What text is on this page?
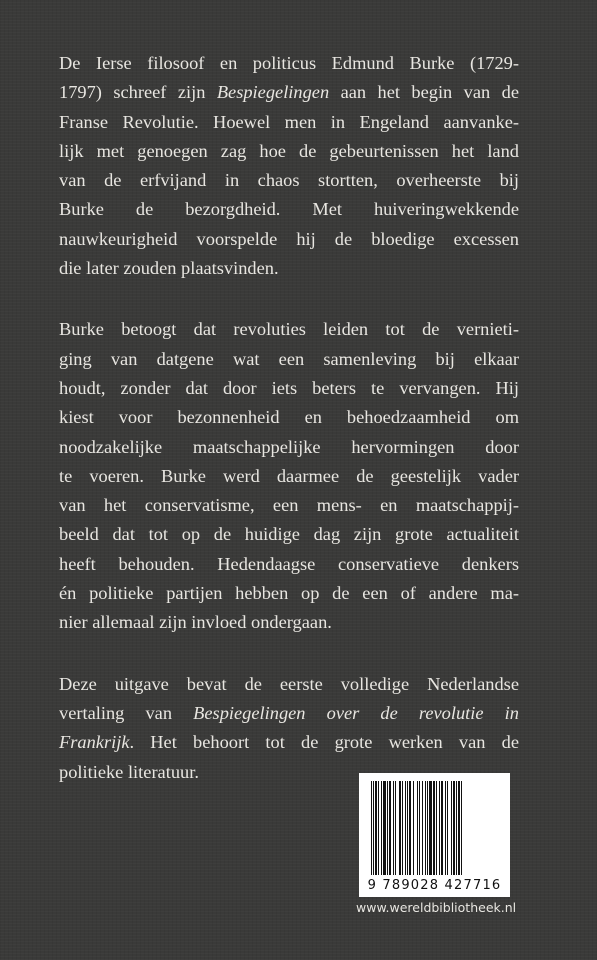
De Ierse filosoof en politicus Edmund Burke (1729-
1797) schreef zijn Bespiegelingen aan het begin van de
Franse Revolutie. Hoewel men in Engeland aanvanke-
lijk met genoegen zag hoe de gebeurtenissen het land
van de erfvijand in chaos stortten, overheerste bij
Burke de bezorgdheid. Met huiveringwekkende
nauwkeurigheid voorspelde hij de bloedige excessen
die later zouden plaatsvinden.

Burke betoogt dat revoluties leiden tot de vernieti-
ging van datgene wat een samenleving bij elkaar
houdt, zonder dat door iets beters te vervangen. Hij
kiest voor bezonnenheid en behoedzaamheid om
noodzakelijke maatschappelijke hervormingen door
te voeren. Burke werd daarmee de geestelijk vader
van het conservatisme, een mens- en maatschappij-
beeld dat tot op de huidige dag zijn grote actualiteit
heeft behouden. Hedendaagse conservatieve denkers
én politieke partijen hebben op de een of andere ma-
nier allemaal zijn invloed ondergaan.

Deze uitgave bevat de eerste volledige Nederlandse
vertaling van Bespiegelingen over de revolutie in
Frankrijk. Het behoort tot de grote werken van de
politieke literatuur.

9 789028 427716
www.wereldbibliotheek.nl
